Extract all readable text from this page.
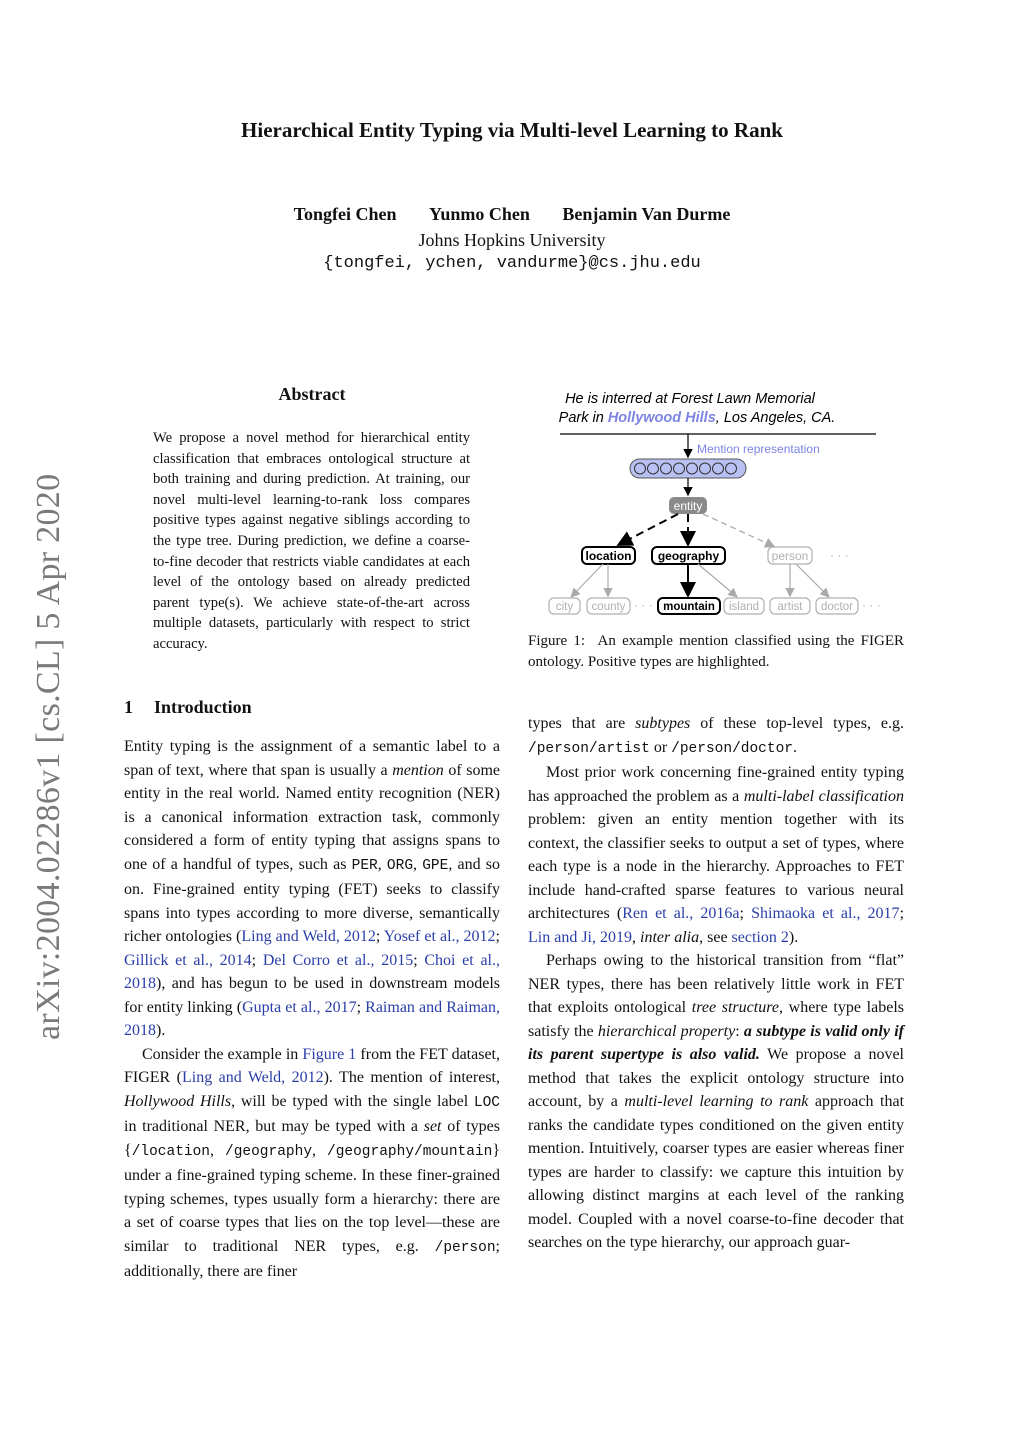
Hierarchical Entity Typing via Multi-level Learning to Rank
Tongfei Chen Yunmo Chen Benjamin Van Durme
Johns Hopkins University
{tongfei, ychen, vandurme}@cs.jhu.edu
arXiv:2004.02286v1 [cs.CL] 5 Apr 2020
Abstract
We propose a novel method for hierarchical entity classification that embraces ontological structure at both training and during prediction. At training, our novel multi-level learning-to-rank loss compares positive types against negative siblings according to the type tree. During prediction, we define a coarse-to-fine decoder that restricts viable candidates at each level of the ontology based on already predicted parent type(s). We achieve state-of-the-art across multiple datasets, particularly with respect to strict accuracy.
1 Introduction

Entity typing is the assignment of a semantic label to a span of text, where that span is usually a mention of some entity in the real world. Named entity recognition (NER) is a canonical information extraction task, commonly considered a form of entity typing that assigns spans to one of a handful of types, such as PER, ORG, GPE, and so on. Fine-grained entity typing (FET) seeks to classify spans into types according to more diverse, semantically richer ontologies (Ling and Weld, 2012; Yosef et al., 2012; Gillick et al., 2014; Del Corro et al., 2015; Choi et al., 2018), and has begun to be used in downstream models for entity linking (Gupta et al., 2017; Raiman and Raiman, 2018).

Consider the example in Figure 1 from the FET dataset, FIGER (Ling and Weld, 2012). The mention of interest, Hollywood Hills, will be typed with the single label LOC in traditional NER, but may be typed with a set of types {/location, /geography, /geography/mountain} under a fine-grained typing scheme. In these finer-grained typing schemes, types usually form a hierarchy: there are a set of coarse types that lies on the top level—these are similar to traditional NER types, e.g. /person; additionally, there are finer

He is interred at Forest Lawn Memorial
Park in Hollywood Hills, Los Angeles, CA.
Mention representation
entity
location geography	person · · ·
city county · · · mountain island artist doctor · · ·
Figure 1: An example mention classified using the FIGER ontology. Positive types are highlighted.

types that are subtypes of these top-level types, e.g. /person/artist or /person/doctor.

Most prior work concerning fine-grained entity typing has approached the problem as a multi-label classification problem: given an entity mention together with its context, the classifier seeks to output a set of types, where each type is a node in the hierarchy. Approaches to FET include hand-crafted sparse features to various neural architectures (Ren et al., 2016a; Shimaoka et al., 2017; Lin and Ji, 2019, inter alia, see section 2).

Perhaps owing to the historical transition from “flat” NER types, there has been relatively little work in FET that exploits ontological tree structure, where type labels satisfy the hierarchical property: a subtype is valid only if its parent supertype is also valid. We propose a novel method that takes the explicit ontology structure into account, by a multi-level learning to rank approach that ranks the candidate types conditioned on the given entity mention. Intuitively, coarser types are easier whereas finer types are harder to classify: we capture this intuition by allowing distinct margins at each level of the ranking model. Coupled with a novel coarse-to-fine decoder that searches on the type hierarchy, our approach guar-
